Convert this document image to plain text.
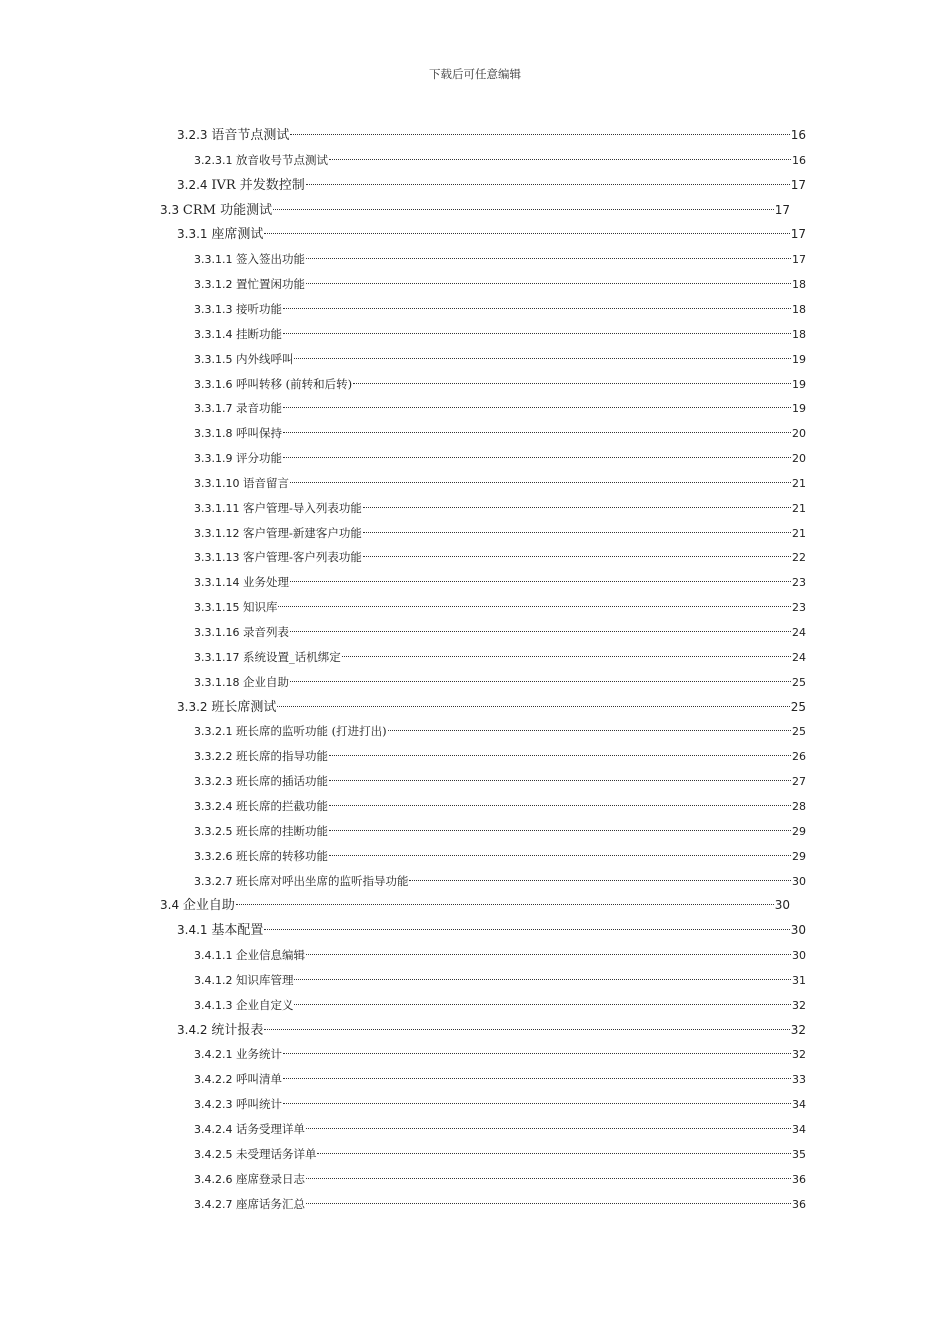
下载后可任意编辑
3.2.3 语音节点测试	16
3.2.3.1 放音收号节点测试	16
3.2.4 IVR 并发数控制	17
3.3 CRM 功能测试	17
3.3.1 座席测试	17
3.3.1.1 签入签出功能	17
3.3.1.2 置忙置闲功能	18
3.3.1.3 接听功能	18
3.3.1.4 挂断功能	18
3.3.1.5 内外线呼叫	19
3.3.1.6 呼叫转移 (前转和后转)	19
3.3.1.7 录音功能	19
3.3.1.8 呼叫保持	20
3.3.1.9 评分功能	20
3.3.1.10 语音留言	21
3.3.1.11 客户管理-导入列表功能	21
3.3.1.12 客户管理-新建客户功能	21
3.3.1.13 客户管理-客户列表功能	22
3.3.1.14 业务处理	23
3.3.1.15 知识库	23
3.3.1.16 录音列表	24
3.3.1.17 系统设置_话机绑定	24
3.3.1.18 企业自助	25
3.3.2 班长席测试	25
3.3.2.1 班长席的监听功能 (打进打出)	25
3.3.2.2 班长席的指导功能	26
3.3.2.3 班长席的插话功能	27
3.3.2.4 班长席的拦截功能	28
3.3.2.5 班长席的挂断功能	29
3.3.2.6 班长席的转移功能	29
3.3.2.7 班长席对呼出坐席的监听指导功能	30
3.4 企业自助	30
3.4.1 基本配置	30
3.4.1.1 企业信息编辑	30
3.4.1.2 知识库管理	31
3.4.1.3 企业自定义	32
3.4.2 统计报表	32
3.4.2.1 业务统计	32
3.4.2.2 呼叫清单	33
3.4.2.3 呼叫统计	34
3.4.2.4 话务受理详单	34
3.4.2.5 未受理话务详单	35
3.4.2.6 座席登录日志	36
3.4.2.7 座席话务汇总	36
